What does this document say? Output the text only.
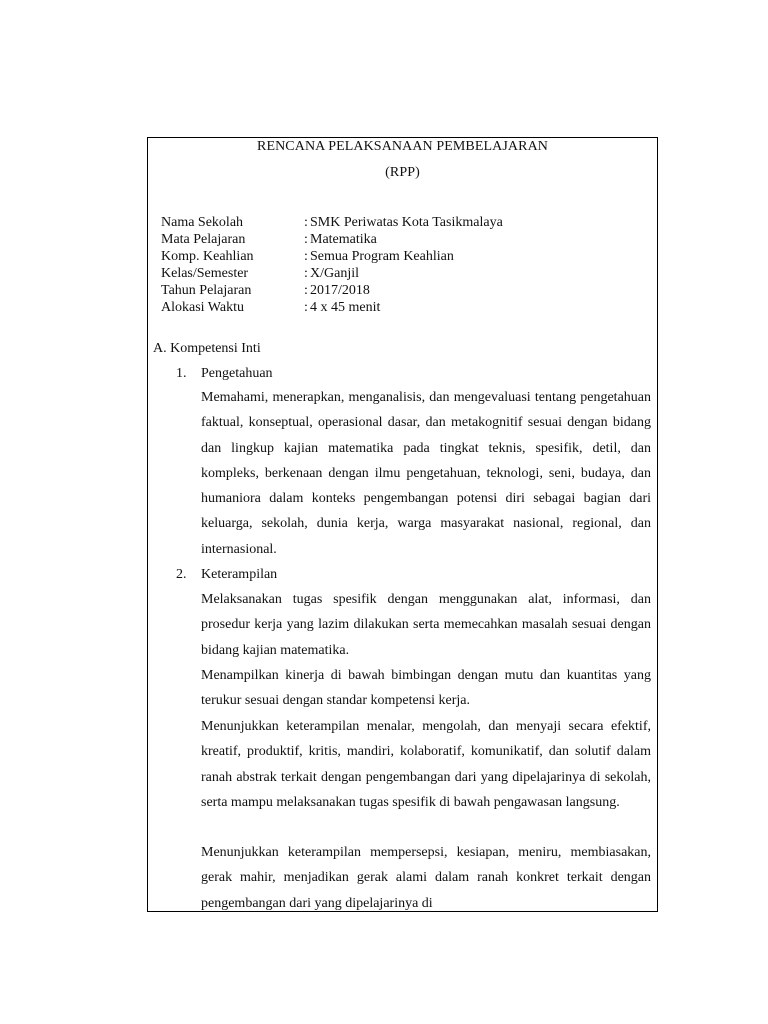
RENCANA PELAKSANAAN PEMBELAJARAN
(RPP)
Nama Sekolah	: SMK Periwatas Kota Tasikmalaya
Mata Pelajaran	: Matematika
Komp. Keahlian	: Semua Program Keahlian
Kelas/Semester	: X/Ganjil
Tahun Pelajaran	: 2017/2018
Alokasi Waktu	: 4 x 45 menit
A. Kompetensi Inti
1.	Pengetahuan

Memahami, menerapkan, menganalisis, dan mengevaluasi tentang pengetahuan faktual, konseptual, operasional dasar, dan metakognitif sesuai dengan bidang dan lingkup kajian matematika pada tingkat teknis, spesifik, detil, dan kompleks, berkenaan dengan ilmu pengetahuan, teknologi, seni, budaya, dan humaniora dalam konteks pengembangan potensi diri sebagai bagian dari keluarga, sekolah, dunia kerja, warga masyarakat nasional, regional, dan internasional.

2.	Keterampilan

Melaksanakan tugas spesifik dengan menggunakan alat, informasi, dan prosedur kerja yang lazim dilakukan serta memecahkan masalah sesuai dengan bidang kajian matematika.

Menampilkan kinerja di bawah bimbingan dengan mutu dan kuantitas yang terukur sesuai dengan standar kompetensi kerja.

Menunjukkan keterampilan menalar, mengolah, dan menyaji secara efektif, kreatif, produktif, kritis, mandiri, kolaboratif, komunikatif, dan solutif dalam ranah abstrak terkait dengan pengembangan dari yang dipelajarinya di sekolah, serta mampu melaksanakan tugas spesifik di bawah pengawasan langsung.

Menunjukkan keterampilan mempersepsi, kesiapan, meniru, membiasakan, gerak mahir, menjadikan gerak alami dalam ranah konkret terkait dengan pengembangan dari yang dipelajarinya di
